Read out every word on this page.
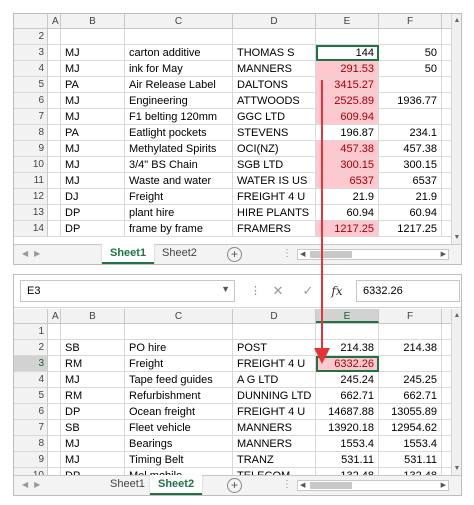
A	B	C	D	E	F
2
3	MJ	carton additive	THOMAS S	144	50
4	MJ	ink for May	MANNERS	291.53	50
5	PA	Air Release Label	DALTONS	3415.27
6	MJ	Engineering	ATTWOODS	2525.89	1936.77
7	MJ	F1 belting 120mm	GGC LTD	609.94
8	PA	Eatlight pockets	STEVENS	196.87	234.1
9	MJ	Methylated Spirits	OCI(NZ)	457.38	457.38
10	MJ	3/4" BS Chain	SGB LTD	300.15	300.15
11	MJ	Waste and water	WATER IS US	6537	6537
12	DJ	Freight	FREIGHT 4 U	21.9	21.9
13	DP	plant hire	HIRE PLANTS	60.94	60.94
14	DP	frame by frame	FRAMERS	1217.25	1217.25
▲
▼
◀▶	Sheet1	Sheet2	+	⋮ ◀	▶
E3	▼ ⋮ ✕	✓	fx	6332.26
A	B	C	D	E	F
1
2	SB	PO hire	POST	214.38	214.38
3	RM	Freight	FREIGHT 4 U	6332.26
4	MJ	Tape feed guides	A G LTD	245.24	245.25
5	RM	Refurbishment	DUNNING LTD	662.71	662.71
6	DP	Ocean freight	FREIGHT 4 U	14687.88	13055.89
7	SB	Fleet vehicle	MANNERS	13920.18	12954.62
8	MJ	Bearings	MANNERS	1553.4	1553.4
9	MJ	Timing Belt	TRANZ	531.11	531.11
▲
▼
◀▶	Sheet1	Sheet2	+	⋮ ◀	▶
